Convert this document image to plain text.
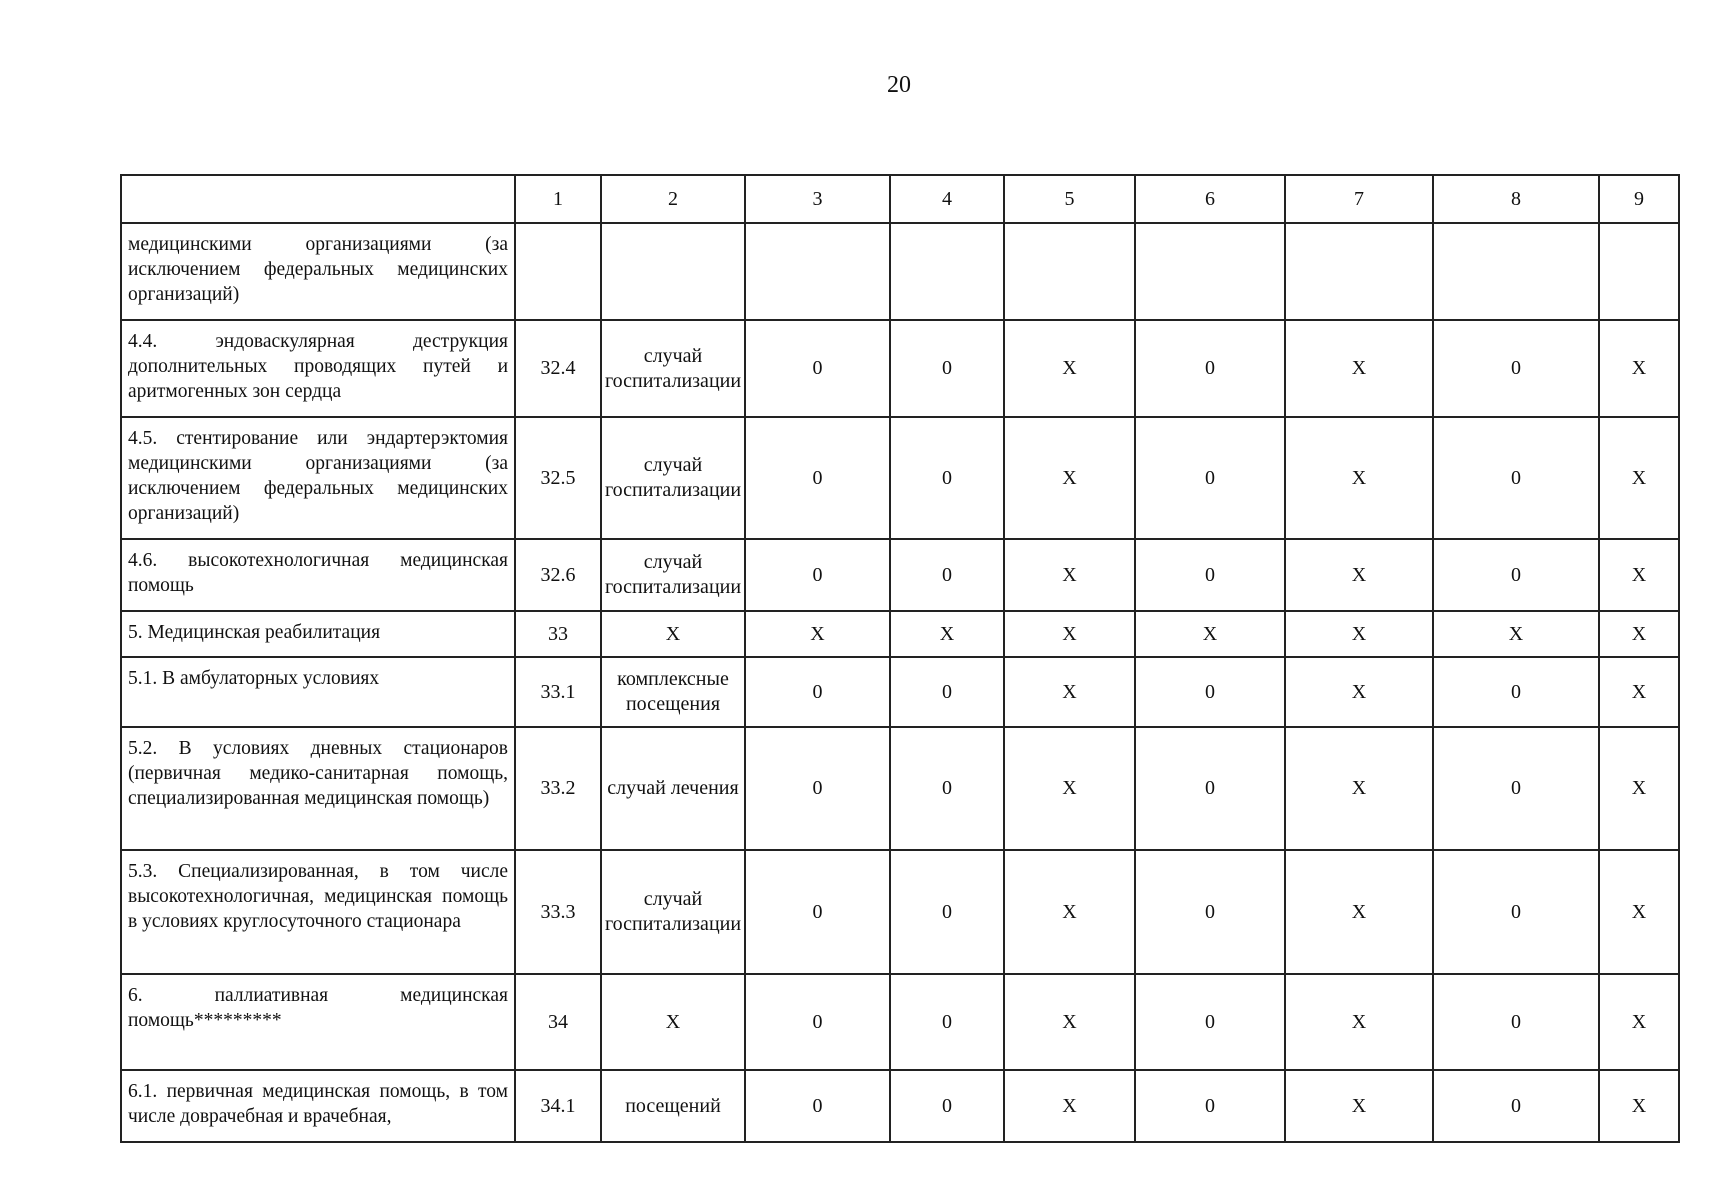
20
	1	2	3	4	5	6	7	8	9
медицинскими организациями (за исключением федеральных медицинских организаций)									
4.4. эндоваскулярная деструкция дополнительных проводящих путей и аритмогенных зон сердца	32.4	случай госпитализации	0	0	X	0	X	0	X
4.5. стентирование или эндартерэктомия медицинскими организациями (за исключением федеральных медицинских организаций)	32.5	случай госпитализации	0	0	X	0	X	0	X
4.6. высокотехнологичная медицинская помощь	32.6	случай госпитализации	0	0	X	0	X	0	X
5. Медицинская реабилитация	33	X	X	X	X	X	X	X	X
5.1. В амбулаторных условиях	33.1	комплексные посещения	0	0	X	0	X	0	X
5.2. В условиях дневных стационаров (первичная медико-санитарная помощь, специализированная медицинская помощь)	33.2	случай лечения	0	0	X	0	X	0	X
5.3. Специализированная, в том числе высокотехнологичная, медицинская помощь в условиях круглосуточного стационара	33.3	случай госпитализации	0	0	X	0	X	0	X
6. паллиативная медицинская помощь*********	34	X	0	0	X	0	X	0	X
6.1. первичная медицинская помощь, в том числе доврачебная и врачебная,	34.1	посещений	0	0	X	0	X	0	X
